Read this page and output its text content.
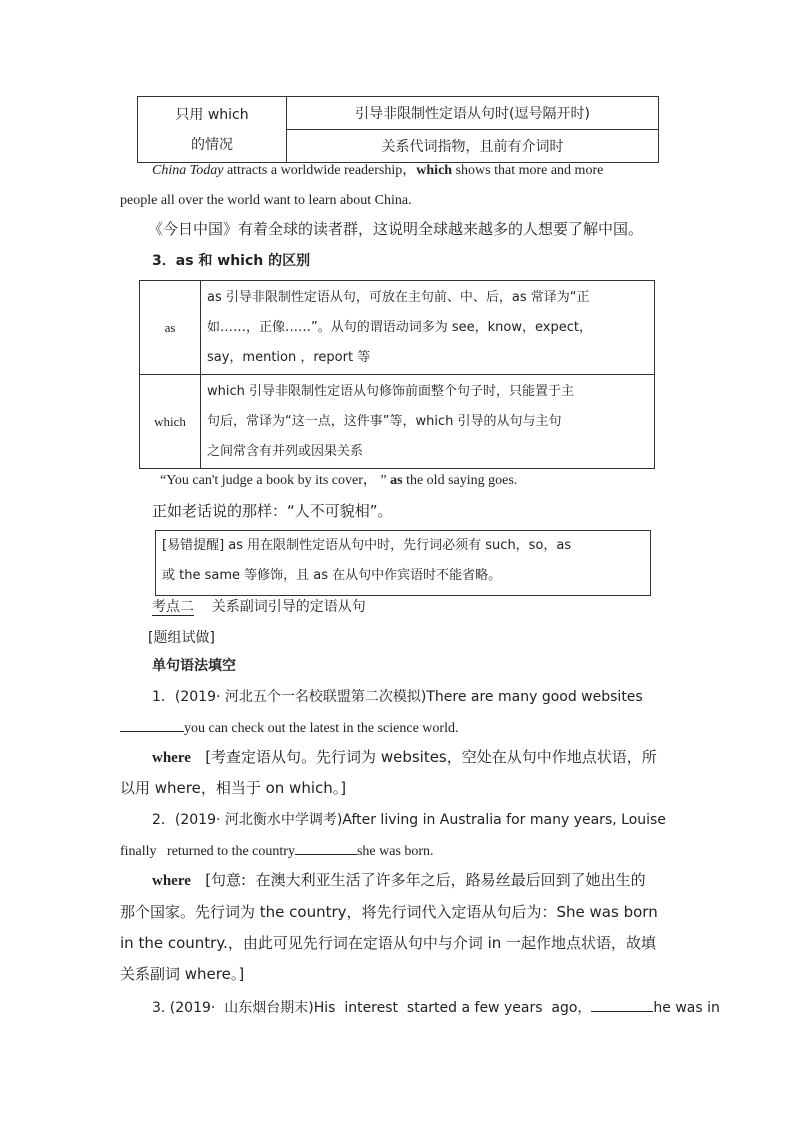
只用 which
的情况
	引导非限制性定语从句时(逗号隔开时)
关系代词指物，且前有介词时
China Today attracts a worldwide readership，which shows that more and more
people all over the world want to learn about China.
《今日中国》有着全球的读者群，这说明全球越来越多的人想要了解中国。
3．as 和 which 的区别
as	as 引导非限制性定语从句，可放在主句前、中、后，as 常译为“正
如……，正像……”。从句的谓语动词多为 see，know，expect，
say，mention ，report 等

which	which 引导非限制性定语从句修饰前面整个句子时，只能置于主
句后，常译为“这一点，这件事”等，which 引导的从句与主句
之间常含有并列或因果关系
“You can't judge a book by its cover， ” as the old saying goes.
正如老话说的那样：“人不可貌相”。
[易错提醒] as 用在限制性定语从句中时，先行词必须有 such，so，as
或 the same 等修饰，且 as 在从句中作宾语时不能省略。
考点二    关系副词引导的定语从句
[题组试做]
单句语法填空
1．(2019· 河北五个一名校联盟第二次模拟)There are many good websites
you can check out the latest in the science world.
where   [考查定语从句。先行词为 websites，空处在从句中作地点状语，所
以用 where，相当于 on which。]
2．(2019· 河北衡水中学调考)After living in Australia for many years, Louise
finally   returned to the country	she was born.
where   [句意:  在澳大利亚生活了许多年之后，路易丝最后回到了她出生的
那个国家。先行词为 the country，将先行词代入定语从句后为：She was born
in the country.，由此可见先行词在定语从句中与介词 in 一起作地点状语，故填
关系副词 where。]
3. (2019·  山东烟台期末)His  interest  started a few years  ago，	he was in
